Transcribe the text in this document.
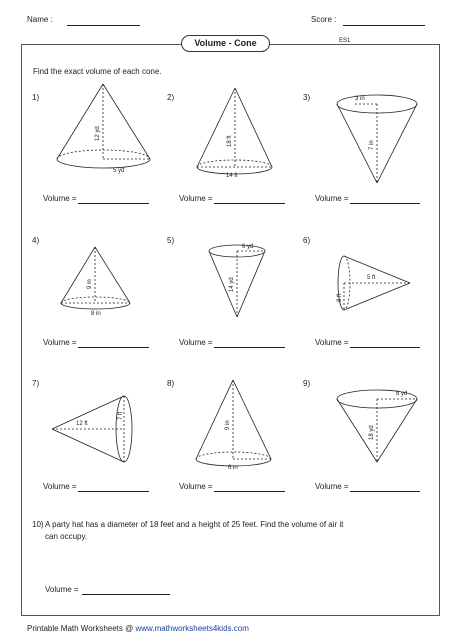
Name :	Score :
Volume - Cone	ES1
Find the exact volume of each cone.
1)	2)	3)
4)	5)	6)
7)	8)	9)
12 yd
5 yd
18 ft
14 ft
3 in
7 in
9 in
8 in
6 yd
14 yd	5 ft
8 ft
12 ft
7 ft
9 in
6 in
8 yd
18 yd
Volume =	Volume =	Volume =
Volume =	Volume =	Volume =
Volume =	Volume =	Volume =
10) A party hat has a diameter of 18 feet and a height of 25 feet. Find the volume of air it
can occupy.
Volume =
Printable Math Worksheets @ www.mathworksheets4kids.com
